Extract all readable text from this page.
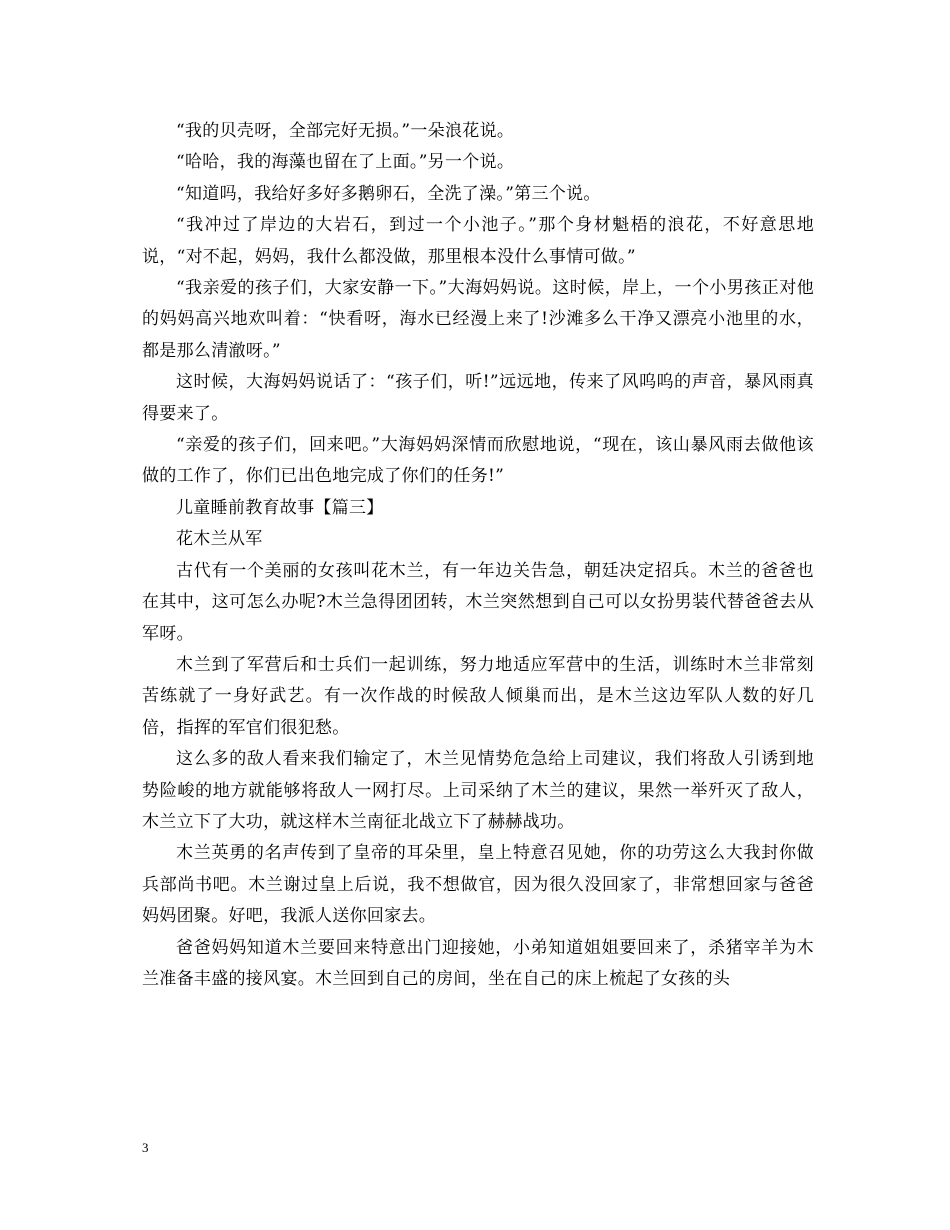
“我的贝壳呀，全部完好无损。”一朵浪花说。

“哈哈，我的海藻也留在了上面。”另一个说。

“知道吗，我给好多好多鹅卵石，全洗了澡。”第三个说。

“我冲过了岸边的大岩石，到过一个小池子。”那个身材魁梧的浪花，不好意思地说，“对不起，妈妈，我什么都没做，那里根本没什么事情可做。”

“我亲爱的孩子们，大家安静一下。”大海妈妈说。这时候，岸上，一个小男孩正对他的妈妈高兴地欢叫着：“快看呀，海水已经漫上来了!沙滩多么干净又漂亮小池里的水，都是那么清澈呀。”

这时候，大海妈妈说话了：“孩子们，听!”远远地，传来了风呜呜的声音，暴风雨真得要来了。

“亲爱的孩子们，回来吧。”大海妈妈深情而欣慰地说，“现在，该山暴风雨去做他该做的工作了，你们已出色地完成了你们的任务!”

儿童睡前教育故事【篇三】

花木兰从军

古代有一个美丽的女孩叫花木兰，有一年边关告急，朝廷决定招兵。木兰的爸爸也在其中，这可怎么办呢?木兰急得团团转，木兰突然想到自己可以女扮男装代替爸爸去从军呀。

木兰到了军营后和士兵们一起训练，努力地适应军营中的生活，训练时木兰非常刻苦练就了一身好武艺。有一次作战的时候敌人倾巢而出，是木兰这边军队人数的好几倍，指挥的军官们很犯愁。

这么多的敌人看来我们输定了，木兰见情势危急给上司建议，我们将敌人引诱到地势险峻的地方就能够将敌人一网打尽。上司采纳了木兰的建议，果然一举歼灭了敌人，木兰立下了大功，就这样木兰南征北战立下了赫赫战功。

木兰英勇的名声传到了皇帝的耳朵里，皇上特意召见她，你的功劳这么大我封你做兵部尚书吧。木兰谢过皇上后说，我不想做官，因为很久没回家了，非常想回家与爸爸妈妈团聚。好吧，我派人送你回家去。

爸爸妈妈知道木兰要回来特意出门迎接她，小弟知道姐姐要回来了，杀猪宰羊为木兰准备丰盛的接风宴。木兰回到自己的房间，坐在自己的床上梳起了女孩的头

3
